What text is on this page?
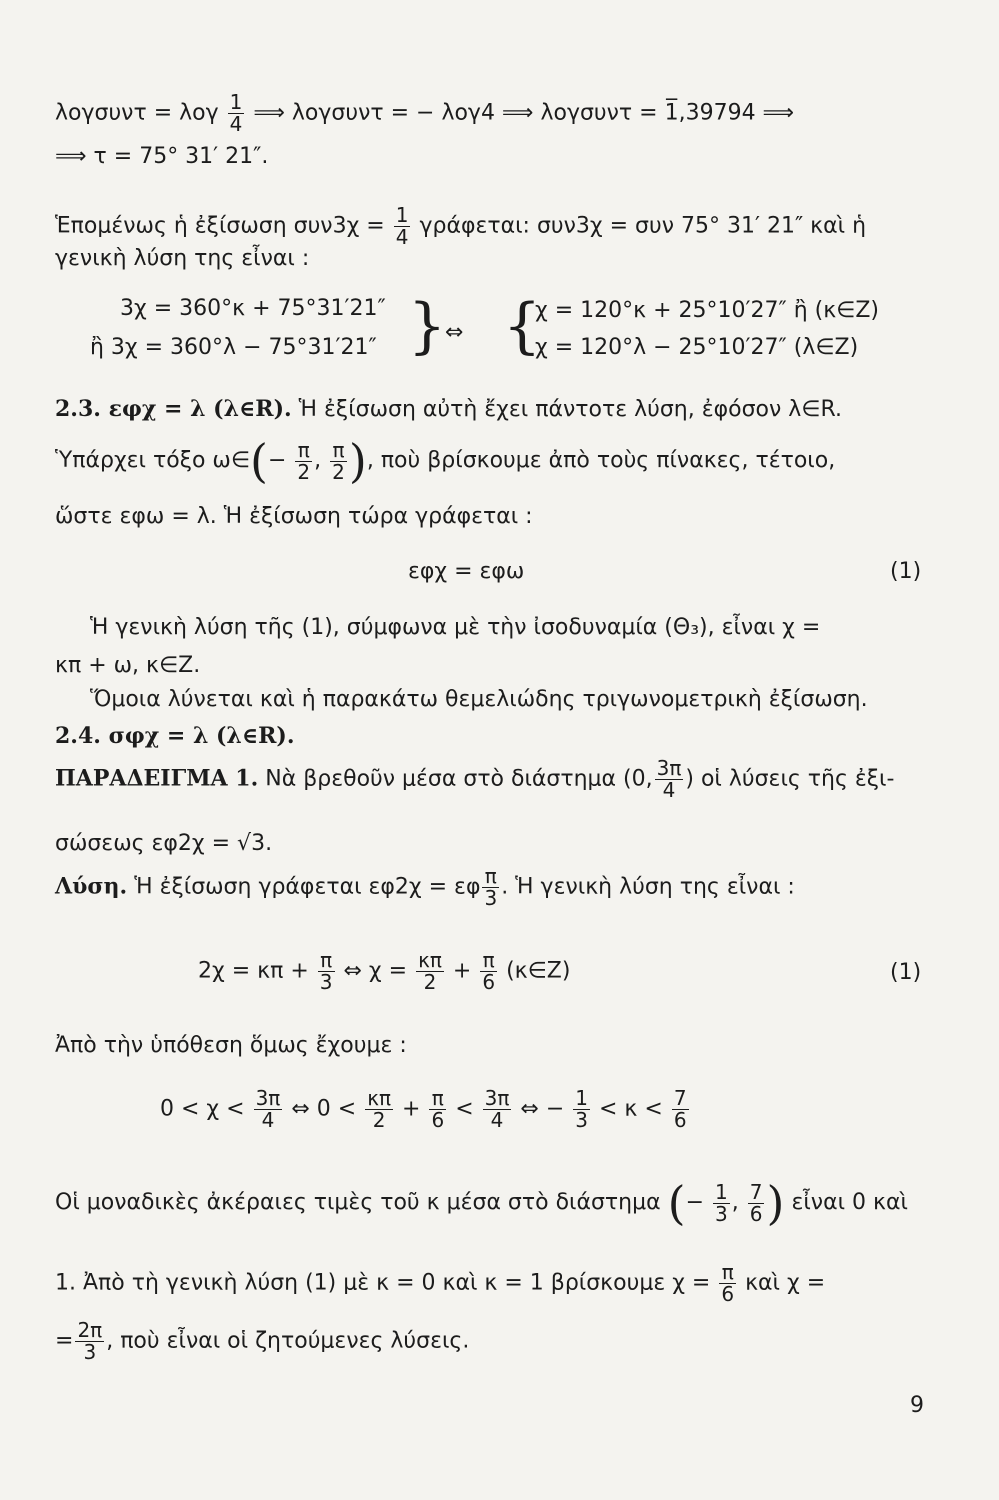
λογσυντ = λογ $\frac{1}{4}$ ⟹ λογσυντ = − λογ4 ⟹ λογσυντ = 1̅,39794 ⟹
⟹ τ = 75° 31′ 21″.
Ἑπομένως ἡ ἐξίσωση $\sigma\upsilon\nu 3\chi = \frac{1}{4} \gamma\rho ά\varphi\varepsilon\tau\alpha\iota$: συν3χ = συν 75° 31′ 21″ καὶ ἡ
γενικὴ λύση της εἶναι :
3χ = 360°κ + 75°31′21″
ἢ 3χ = 360°λ − 75°31′21″ }
⇔ {
χ = 120°κ + 25°10′27″ ἢ (κ∈Z)
χ = 120°λ − 25°10′27″ (λ∈Z)
2.3. εφχ = λ (λ∈R). Ἡ ἐξίσωση αὐτὴ ἔχει πάντοτε λύση, ἐφόσον λ∈R.
Ὑπάρχει τόξο ω∈(− $\frac{\pi}{2}$ , $\frac{\pi}{2}$ ), ποὺ βρίσκουμε ἀπὸ τοὺς πίνακες, τέτοιο,
ὥστε εφω = λ. Ἡ ἐξίσωση τώρα γράφεται :
εφχ = εφω	(1)
Ἡ γενικὴ λύση τῆς (1), σύμφωνα μὲ τὴν ἰσοδυναμία (Θ₃), εἶναι χ =
κπ + ω, κ∈Z.
Ὅμοια λύνεται καὶ ἡ παρακάτω θεμελιώδης τριγωνομετρικὴ ἐξίσωση.
2.4. σφχ = λ (λ∈R).
ΠΑΡΑΔΕΙΓΜΑ 1. Νὰ βρεθοῦν μέσα στὸ διάστημα (0, $\frac{3\pi}{4}$ ) οἱ λύσεις τῆς ἐξι-
σώσεως εφ2χ = √3.
Λύση. Ἡ ἐξίσωση γράφεται εφ2χ = εφ $\frac{\pi}{3}$ . Ἡ γενικὴ λύση της εἶναι :
$2\chi = \kappa\pi + \frac{\pi}{3}$ ⇔ $\chi = \frac{\kappa\pi}{2} + \frac{\pi}{6}$ (κ∈Z)	(1)
Ἀπὸ τὴν ὑπόθεση ὅμως ἔχουμε :
$0 < \chi < \frac{3\pi}{4}$ ⇔ $0 < \frac{\kappa\pi}{2} + \frac{\pi}{6} < \frac{3\pi}{4}$ ⇔ − $\frac{1}{3} < \kappa < \frac{7}{6}$
Οἱ μοναδικὲς ἀκέραιες τιμὲς τοῦ κ μέσα στὸ διάστημα (− $\frac{1}{3}$ , $\frac{7}{6}$ ) εἶναι 0 καὶ
1. Ἀπὸ τὴ γενικὴ λύση (1) μὲ κ = 0 καὶ κ = 1 βρίσκουμε $\chi = \frac{\pi}{6}$ καὶ χ =
= $\frac{2\pi}{3}$ , ποὺ εἶναι οἱ ζητούμενες λύσεις.
9
